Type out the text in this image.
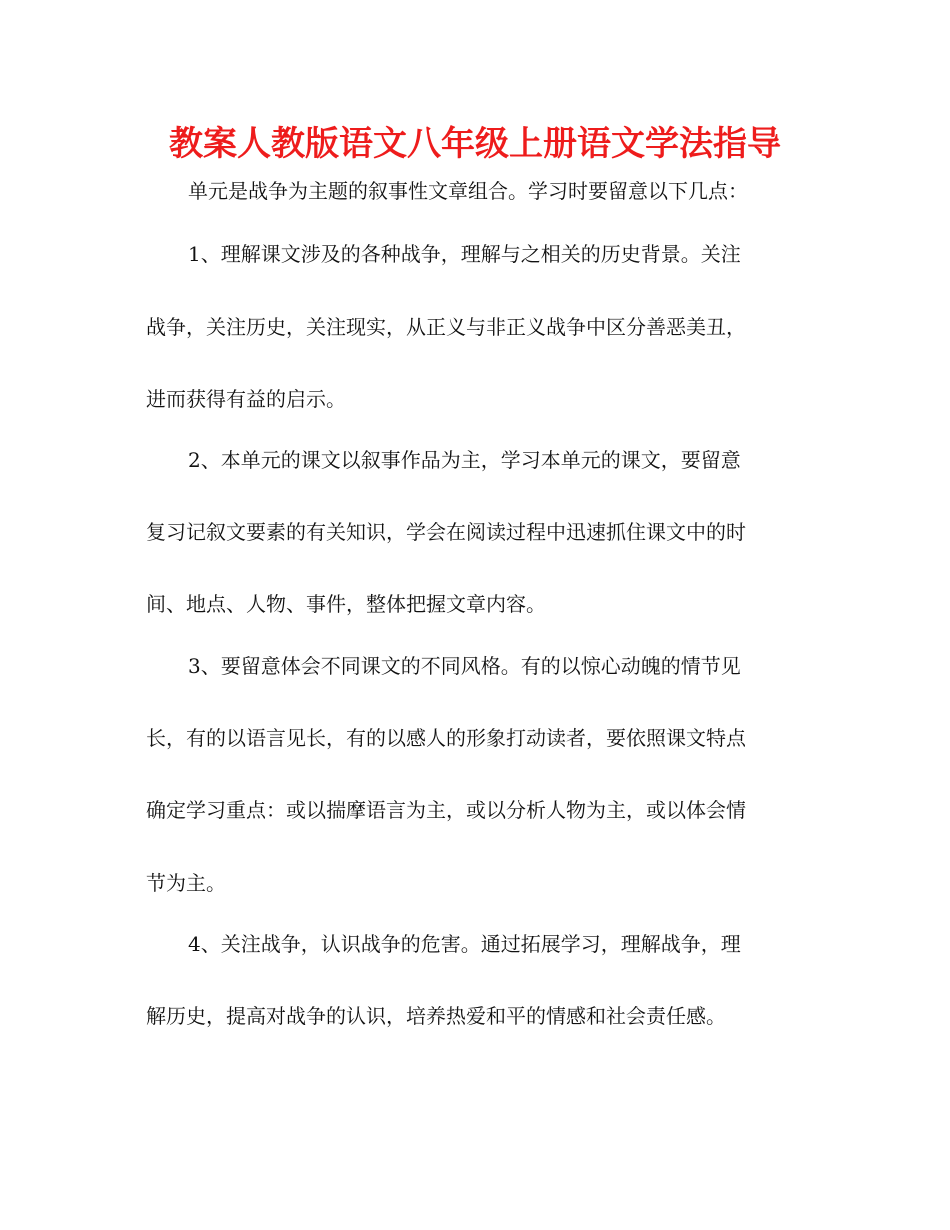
教案人教版语文八年级上册语文学法指导
单元是战争为主题的叙事性文章组合。学习时要留意以下几点：
1、理解课文涉及的各种战争，理解与之相关的历史背景。关注
战争，关注历史，关注现实，从正义与非正义战争中区分善恶美丑，
进而获得有益的启示。
2、本单元的课文以叙事作品为主，学习本单元的课文，要留意
复习记叙文要素的有关知识，学会在阅读过程中迅速抓住课文中的时
间、地点、人物、事件，整体把握文章内容。
3、要留意体会不同课文的不同风格。有的以惊心动魄的情节见
长，有的以语言见长，有的以感人的形象打动读者，要依照课文特点
确定学习重点：或以揣摩语言为主，或以分析人物为主，或以体会情
节为主。
4、关注战争，认识战争的危害。通过拓展学习，理解战争，理
解历史，提高对战争的认识，培养热爱和平的情感和社会责任感。
